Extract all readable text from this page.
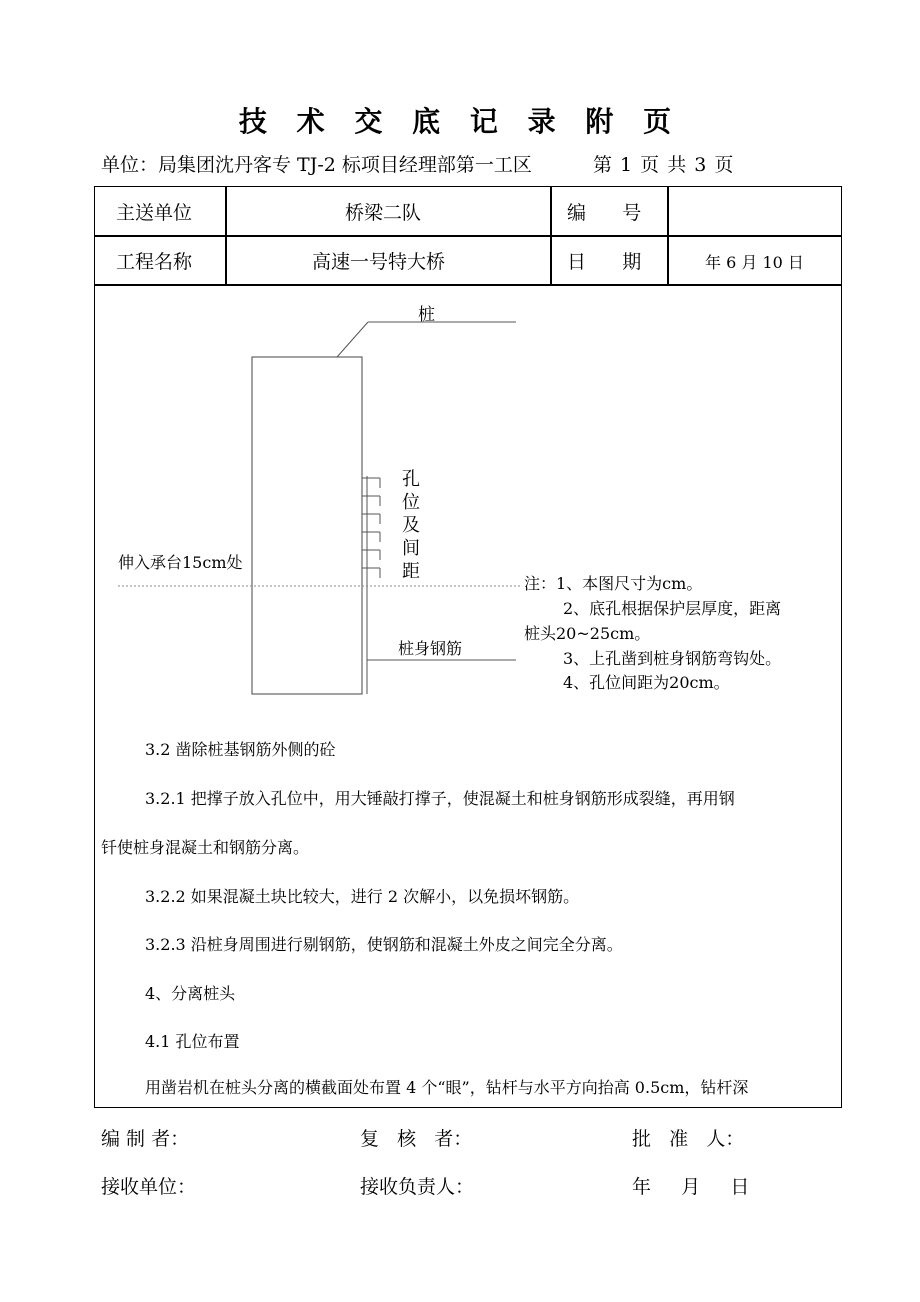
技 术 交 底 记 录 附 页
单位：局集团沈丹客专 TJ-2 标项目经理部第一工区	第 1 页 共 3 页
主送单位	桥梁二队	编      号
工程名称	高速一号特大桥	日      期	年 6 月 10 日
桩
孔
位
及
间
距
伸入承台15cm处
桩身钢筋
注：1、本图尺寸为cm。
2、底孔根据保护层厚度，距离
桩头20~25cm。
3、上孔凿到桩身钢筋弯钩处。
4、孔位间距为20cm。
3.2 凿除桩基钢筋外侧的砼
3.2.1 把撑子放入孔位中，用大锤敲打撑子，使混凝土和桩身钢筋形成裂缝，再用钢
钎使桩身混凝土和钢筋分离。
3.2.2 如果混凝土块比较大，进行 2 次解小，以免损坏钢筋。
3.2.3 沿桩身周围进行剔钢筋，使钢筋和混凝土外皮之间完全分离。
4、分离桩头
4.1 孔位布置
用凿岩机在桩头分离的横截面处布置 4 个“眼”，钻杆与水平方向抬高 0.5cm，钻杆深
编 制 者：	复   核   者：	批   准   人：
接收单位：	接收负责人：	年     月     日
